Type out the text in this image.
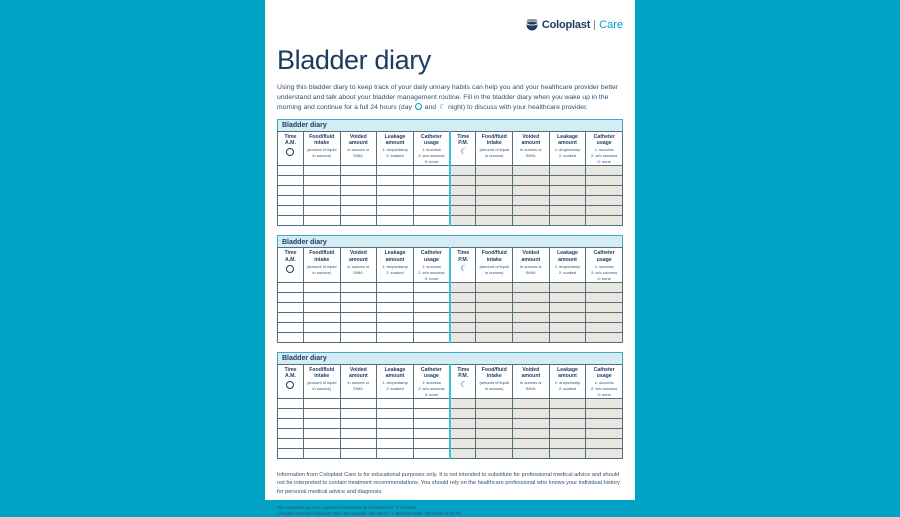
Coloplast Care
Bladder diary

Using this bladder diary to keep track of your daily urinary habits can help you and your healthcare provider better understand and talk about your bladder management routine. Fill in the bladder diary when you wake up in the morning and continue for a full 24 hours (day and ☾ night) to discuss with your healthcare provider.

Bladder diary
Time
A.M.	Food/fluid
intake
(amount of liquid
in ounces)	Voided
amount
in ounces or
S/M/L	Leakage
amount
1: drops/damp
2: soaked	Catheter
usage
1: success
2: w/o success
0: none	Time
P.M.
☾	Food/fluid
intake
(amount of liquid
in ounces)	Voided
amount
in ounces or
S/M/L	Leakage
amount
1: drops/damp
2: soaked	Catheter
usage
1: success
2: w/o success
0: none

Bladder diary
Time
A.M.	Food/fluid
intake
(amount of liquid
in ounces)	Voided
amount
in ounces or
S/M/L	Leakage
amount
1: drops/damp
2: soaked	Catheter
usage
1: success
2: w/o success
0: none	Time
P.M.
☾	Food/fluid
intake
(amount of liquid
in ounces)	Voided
amount
in ounces or
S/M/L	Leakage
amount
1: drops/damp
2: soaked	Catheter
usage
1: success
2: w/o success
0: none

Bladder diary
Time
A.M.	Food/fluid
intake
(amount of liquid
in ounces)	Voided
amount
in ounces or
S/M/L	Leakage
amount
1: drops/damp
2: soaked	Catheter
usage
1: success
2: w/o success
0: none	Time
P.M.
☾	Food/fluid
intake
(amount of liquid
in ounces)	Voided
amount
in ounces or
S/M/L	Leakage
amount
1: drops/damp
2: soaked	Catheter
usage
1: success
2: w/o success
0: none

Information from Coloplast Care is for educational purposes only. It is not intended to substitute for professional medical advice and should not be interpreted to contain treatment recommendations. You should rely on the healthcare professional who knows your individual history for personal medical advice and diagnosis.

The Coloplast logo is a registered trademark of Coloplast A/S. © 2021-08.
All rights reserved Coloplast Corp. Minneapolis, MN 55411 / 1-800-533-0464. PM-03885 9.03 EN
